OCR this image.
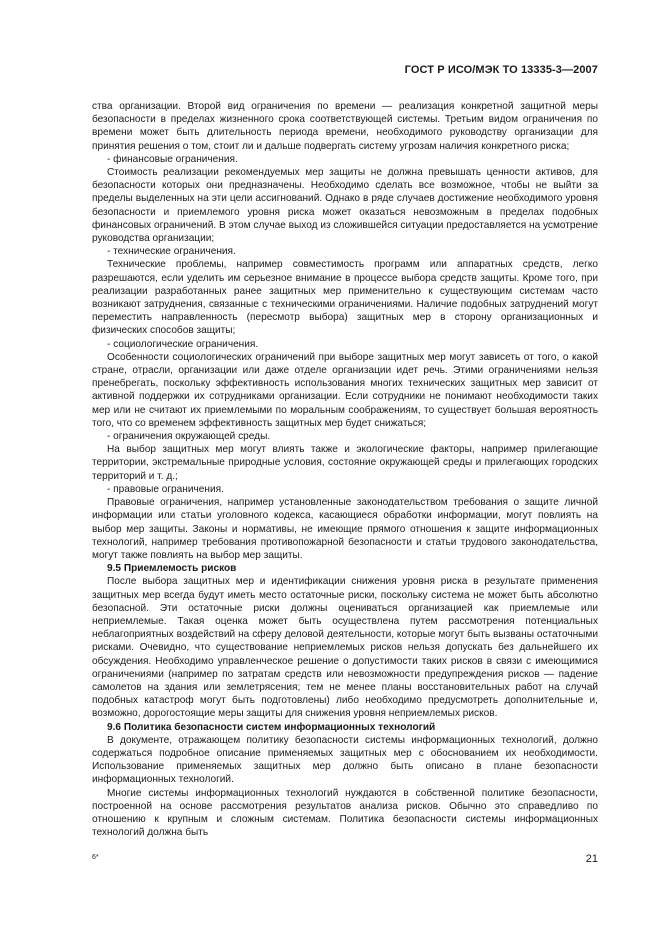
ГОСТ Р ИСО/МЭК ТО 13335-3—2007

ства организации. Второй вид ограничения по времени — реализация конкретной защитной меры безопасности в пределах жизненного срока соответствующей системы. Третьим видом ограничения по времени может быть длительность периода времени, необходимого руководству организации для принятия решения о том, стоит ли и дальше подвергать систему угрозам наличия конкретного риска;

- финансовые ограничения.

Стоимость реализации рекомендуемых мер защиты не должна превышать ценности активов, для безопасности которых они предназначены. Необходимо сделать все возможное, чтобы не выйти за пределы выделенных на эти цели ассигнований. Однако в ряде случаев достижение необходимого уровня безопасности и приемлемого уровня риска может оказаться невозможным в пределах подобных финансовых ограничений. В этом случае выход из сложившейся ситуации предоставляется на усмотрение руководства организации;

- технические ограничения.

Технические проблемы, например совместимость программ или аппаратных средств, легко разрешаются, если уделить им серьезное внимание в процессе выбора средств защиты. Кроме того, при реализации разработанных ранее защитных мер применительно к существующим системам часто возникают затруднения, связанные с техническими ограничениями. Наличие подобных затруднений могут переместить направленность (пересмотр выбора) защитных мер в сторону организационных и физических способов защиты;

- социологические ограничения.

Особенности социологических ограничений при выборе защитных мер могут зависеть от того, о какой стране, отрасли, организации или даже отделе организации идет речь. Этими ограничениями нельзя пренебрегать, поскольку эффективность использования многих технических защитных мер зависит от активной поддержки их сотрудниками организации. Если сотрудники не понимают необходимости таких мер или не считают их приемлемыми по моральным соображениям, то существует большая вероятность того, что со временем эффективность защитных мер будет снижаться;

- ограничения окружающей среды.

На выбор защитных мер могут влиять также и экологические факторы, например прилегающие территории, экстремальные природные условия, состояние окружающей среды и прилегающих городских территорий и т. д.;

- правовые ограничения.

Правовые ограничения, например установленные законодательством требования о защите личной информации или статьи уголовного кодекса, касающиеся обработки информации, могут повлиять на выбор мер защиты. Законы и нормативы, не имеющие прямого отношения к защите информационных технологий, например требования противопожарной безопасности и статьи трудового законодательства, могут также повлиять на выбор мер защиты.

9.5 Приемлемость рисков

После выбора защитных мер и идентификации снижения уровня риска в результате применения защитных мер всегда будут иметь место остаточные риски, поскольку система не может быть абсолютно безопасной. Эти остаточные риски должны оцениваться организацией как приемлемые или неприемлемые. Такая оценка может быть осуществлена путем рассмотрения потенциальных неблагоприятных воздействий на сферу деловой деятельности, которые могут быть вызваны остаточными рисками. Очевидно, что существование неприемлемых рисков нельзя допускать без дальнейшего их обсуждения. Необходимо управленческое решение о допустимости таких рисков в связи с имеющимися ограничениями (например по затратам средств или невозможности предупреждения рисков — падение самолетов на здания или землетрясения; тем не менее планы восстановительных работ на случай подобных катастроф могут быть подготовлены) либо необходимо предусмотреть дополнительные и, возможно, дорогостоящие меры защиты для снижения уровня неприемлемых рисков.

9.6 Политика безопасности систем информационных технологий

В документе, отражающем политику безопасности системы информационных технологий, должно содержаться подробное описание применяемых защитных мер с обоснованием их необходимости. Использование применяемых защитных мер должно быть описано в плане безопасности информационных технологий.

Многие системы информационных технологий нуждаются в собственной политике безопасности, построенной на основе рассмотрения результатов анализа рисков. Обычно это справедливо по отношению к крупным и сложным системам. Политика безопасности системы информационных технологий должна быть

6*	21
